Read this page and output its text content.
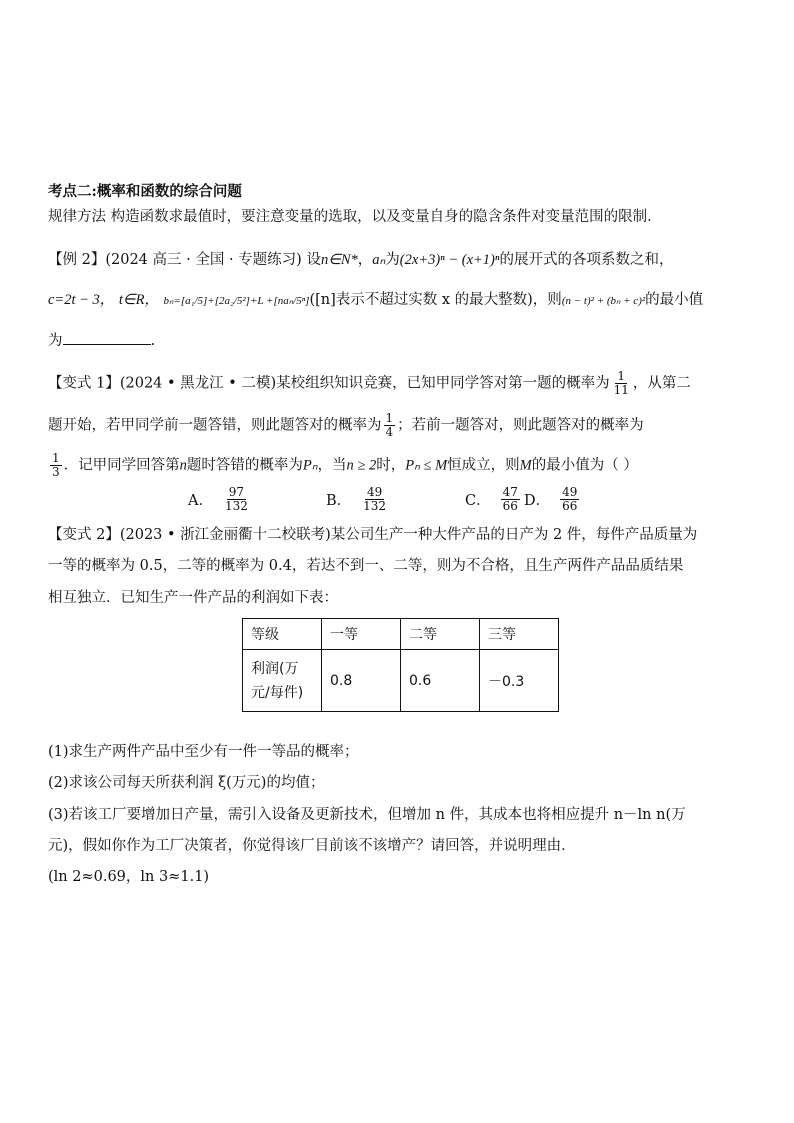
考点二:概率和函数的综合问题
规律方法 构造函数求最值时，要注意变量的选取，以及变量自身的隐含条件对变量范围的限制．
【例 2】(2024 高三 · 全国 · 专题练习) 设n∈N*，aₙ为(2x+3)ⁿ − (x+1)ⁿ的展开式的各项系数之和，
c=2t − 3， t∈R， bₙ=[a₁/5]+[2a₂/5²]+L +[naₙ/5ⁿ]([n]表示不超过实数 x 的最大整数)，则(n − t)² + (bₙ + c)²的最小值
为	.
【变式 1】(2024 • 黑龙江 • 二模)某校组织知识竞赛，已知甲同学答对第一题的概率为 $\frac{1}{11}$ ，从第二
题开始，若甲同学前一题答错，则此题答对的概率为 $\frac{1}{4}$ ；若前一题答对，则此题答对的概率为
$\frac{1}{3}$ ．记甲同学回答第n题时答错的概率为Pₙ，当n ≥ 2时，Pₙ ≤ M恒成立，则M的最小值为（ ）
A． $\frac{97}{132}$	B． $\frac{49}{132}$	C． $\frac{47}{66}$ D． $\frac{49}{66}$
【变式 2】(2023 • 浙江金丽衢十二校联考)某公司生产一种大件产品的日产为 2 件，每件产品质量为
一等的概率为 0.5，二等的概率为 0.4，若达不到一、二等，则为不合格，且生产两件产品品质结果
相互独立．已知生产一件产品的利润如下表：
等级	一等	二等	三等

利润(万
元/每件)	0.8	0.6	－0.3
(1)求生产两件产品中至少有一件一等品的概率；
(2)求该公司每天所获利润 ξ(万元)的均值；
(3)若该工厂要增加日产量，需引入设备及更新技术，但增加 n 件，其成本也将相应提升 n－ln n(万
元)，假如你作为工厂决策者，你觉得该厂目前该不该增产？请回答，并说明理由．
(ln 2≈0.69，ln 3≈1.1)
